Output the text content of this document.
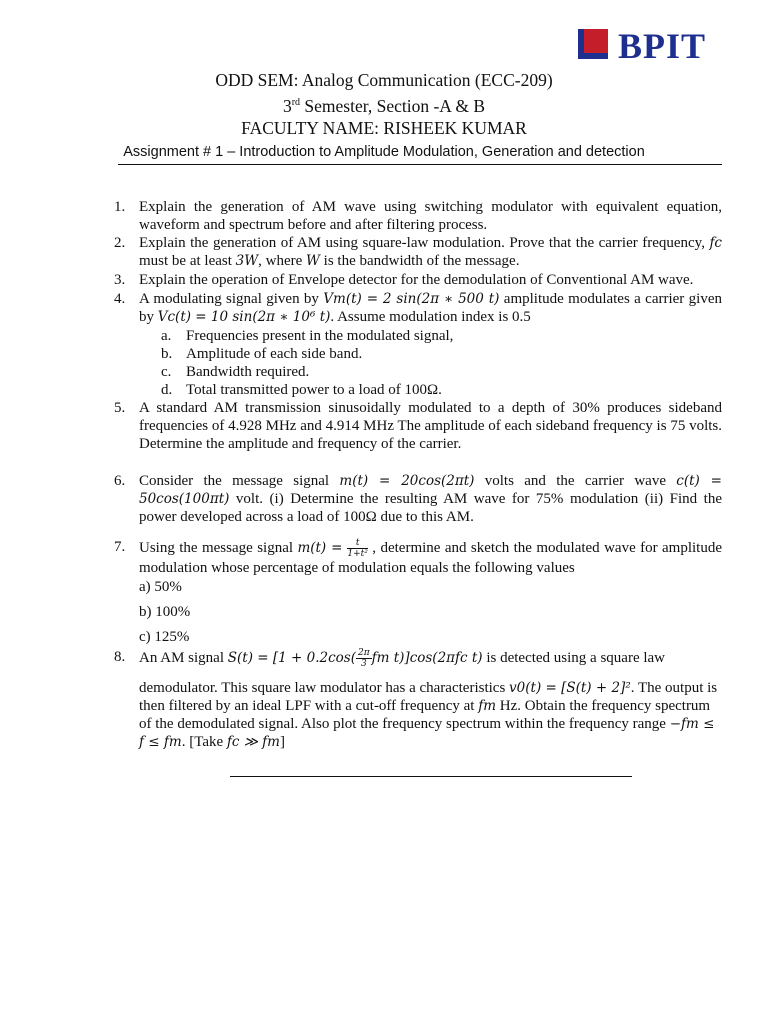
BPIT
ODD SEM: Analog Communication (ECC-209)
3rd Semester, Section -A & B
FACULTY NAME: RISHEEK KUMAR
Assignment # 1 – Introduction to Amplitude Modulation, Generation and detection
1. Explain the generation of AM wave using switching modulator with equivalent equation, waveform and spectrum before and after filtering process.
2. Explain the generation of AM using square-law modulation. Prove that the carrier frequency, fc must be at least 3W, where W is the bandwidth of the message.
3. Explain the operation of Envelope detector for the demodulation of Conventional AM wave.
4. A modulating signal given by Vm(t) = 2 sin(2π ∗ 500 t) amplitude modulates a carrier given by Vc(t) = 10 sin(2π ∗ 10⁶ t). Assume modulation index is 0.5
a. Frequencies present in the modulated signal,
b. Amplitude of each side band.
c. Bandwidth required.
d. Total transmitted power to a load of 100Ω.
5. A standard AM transmission sinusoidally modulated to a depth of 30% produces sideband frequencies of 4.928 MHz and 4.914 MHz The amplitude of each sideband frequency is 75 volts. Determine the amplitude and frequency of the carrier.
6. Consider the message signal m(t) = 20cos(2πt) volts and the carrier wave c(t) = 50cos(100πt) volt. (i) Determine the resulting AM wave for 75% modulation (ii) Find the power developed across a load of 100Ω due to this AM.
7. Using the message signal $m(t) = \frac{t}{\text{1+t²}}$ , determine and sketch the modulated wave for amplitude modulation whose percentage of modulation equals the following values
a) 50%
b) 100%
c) 125%
8. An AM signal $S(t) = [1 + 0.2\cos( \frac{2\pi}{3}$ fm t)]cos(2πfc t) is detected using a square law
demodulator. This square law modulator has a characteristics v0(t) = [S(t) + 2]². The output is then filtered by an ideal LPF with a cut-off frequency at fm Hz. Obtain the frequency spectrum of the demodulated signal. Also plot the frequency spectrum within the frequency range −fm ≤ f ≤ fm. [Take fc ≫ fm]
